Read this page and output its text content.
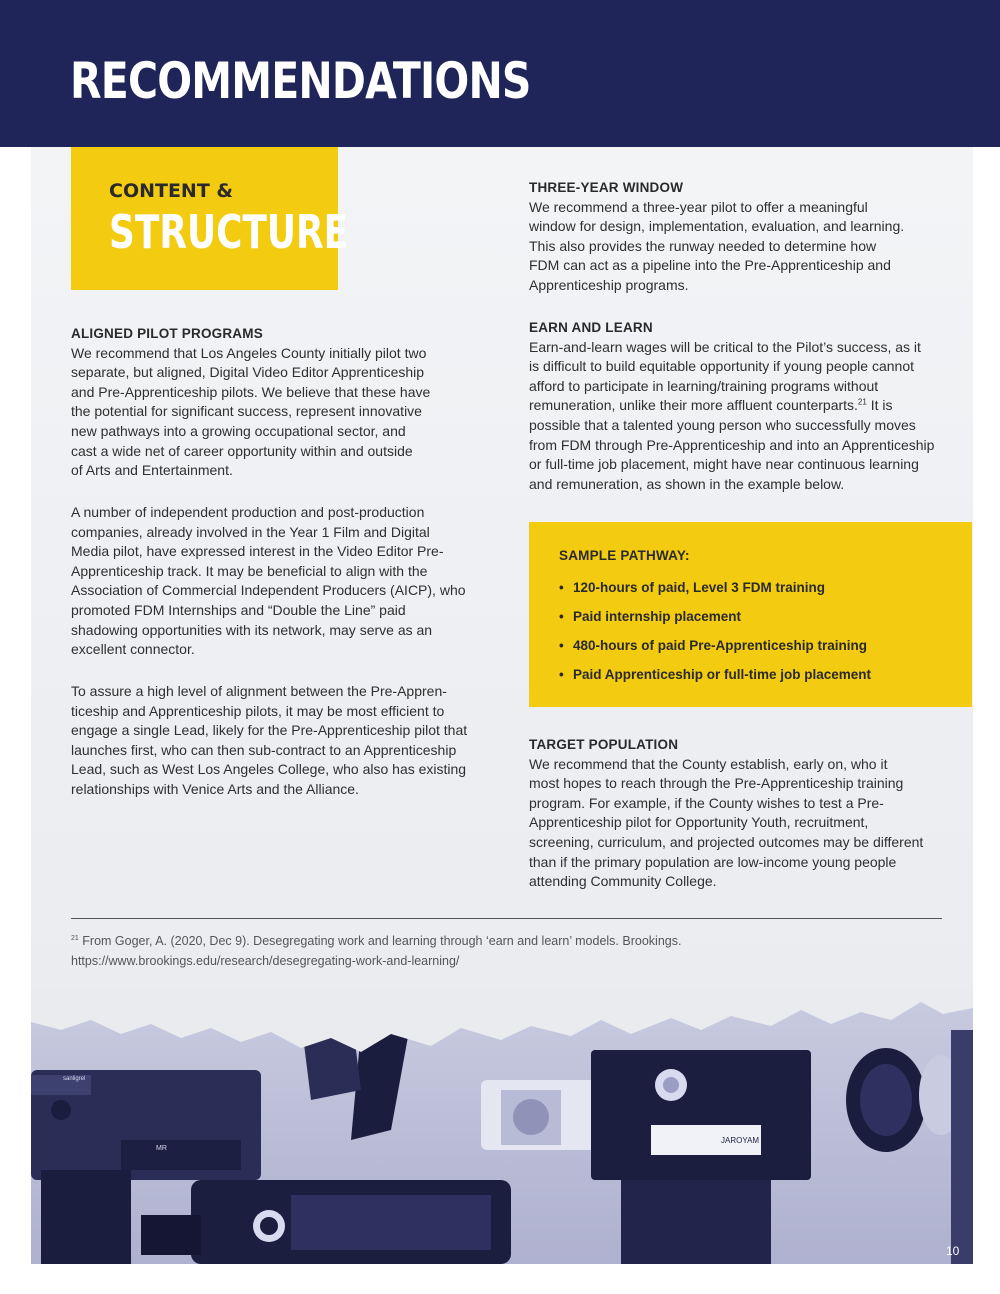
RECOMMENDATIONS
CONTENT &
STRUCTURE

ALIGNED PILOT PROGRAMS

We recommend that Los Angeles County initially pilot two
separate, but aligned, Digital Video Editor Apprenticeship
and Pre-Apprenticeship pilots. We believe that these have
the potential for significant success, represent innovative
new pathways into a growing occupational sector, and
cast a wide net of career opportunity within and outside
of Arts and Entertainment.

A number of independent production and post-production
companies, already involved in the Year 1 Film and Digital
Media pilot, have expressed interest in the Video Editor Pre-
Apprenticeship track. It may be beneficial to align with the
Association of Commercial Independent Producers (AICP), who
promoted FDM Internships and “Double the Line” paid
shadowing opportunities with its network, may serve as an
excellent connector.

To assure a high level of alignment between the Pre-Appren-
ticeship and Apprenticeship pilots, it may be most efficient to
engage a single Lead, likely for the Pre-Apprenticeship pilot that
launches first, who can then sub-contract to an Apprenticeship
Lead, such as West Los Angeles College, who also has existing
relationships with Venice Arts and the Alliance.

THREE-YEAR WINDOW

We recommend a three-year pilot to offer a meaningful
window for design, implementation, evaluation, and learning.
This also provides the runway needed to determine how
FDM can act as a pipeline into the Pre-Apprenticeship and
Apprenticeship programs.

EARN AND LEARN

Earn-and-learn wages will be critical to the Pilot’s success, as it
is difficult to build equitable opportunity if young people cannot
afford to participate in learning/training programs without
remuneration, unlike their more affluent counterparts.$^{21}$ It is
possible that a talented young person who successfully moves
from FDM through Pre-Apprenticeship and into an Apprenticeship
or full-time job placement, might have near continuous learning
and remuneration, as shown in the example below.

SAMPLE PATHWAY:
• 120-hours of paid, Level 3 FDM training
• Paid internship placement
• 480-hours of paid Pre-Apprenticeship training
• Paid Apprenticeship or full-time job placement

TARGET POPULATION

We recommend that the County establish, early on, who it
most hopes to reach through the Pre-Apprenticeship training
program. For example, if the County wishes to test a Pre-
Apprenticeship pilot for Opportunity Youth, recruitment,
screening, curriculum, and projected outcomes may be different
than if the primary population are low-income young people
attending Community College.

$^{21}$ From Goger, A. (2020, Dec 9). Desegregating work and learning through ‘earn and learn’ models. Brookings.
https://www.brookings.edu/research/desegregating-work-and-learning/
MR
sanligrel
JAROYAM
10
